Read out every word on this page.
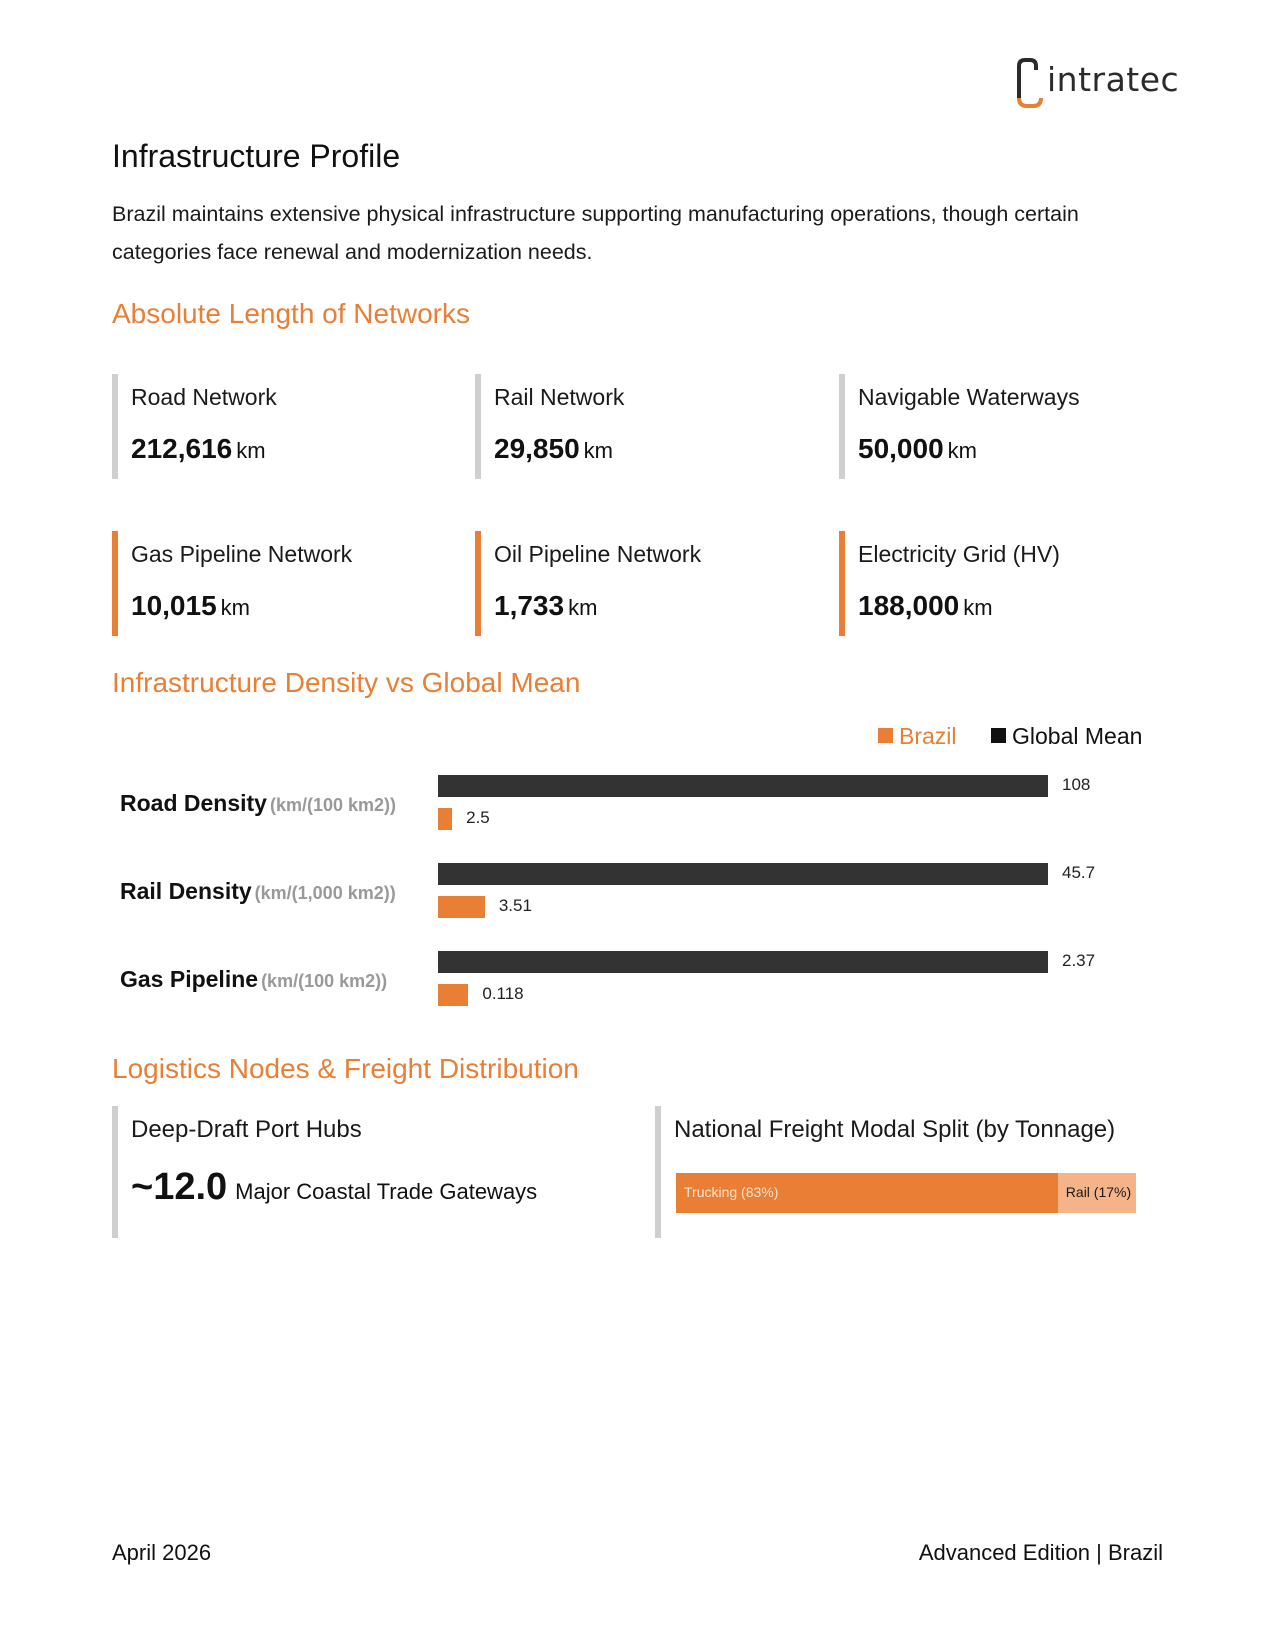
intratec
Infrastructure Profile
Brazil maintains extensive physical infrastructure supporting manufacturing operations, though certain categories face renewal and modernization needs.
Absolute Length of Networks
Road Network
212,616 km
Rail Network
29,850 km
Navigable Waterways
50,000 km
Gas Pipeline Network
10,015 km
Oil Pipeline Network
1,733 km
Electricity Grid (HV)
188,000 km
Infrastructure Density vs Global Mean
Brazil	Global Mean
Road Density (km/(100 km2))
108
2.5
Rail Density (km/(1,000 km2))
45.7
3.51
Gas Pipeline (km/(100 km2))
2.37
0.118
Logistics Nodes & Freight Distribution
Deep-Draft Port Hubs
~12.0 Major Coastal Trade Gateways
National Freight Modal Split (by Tonnage)
Trucking (83%)	Rail (17%)
April 2026	Advanced Edition | Brazil
